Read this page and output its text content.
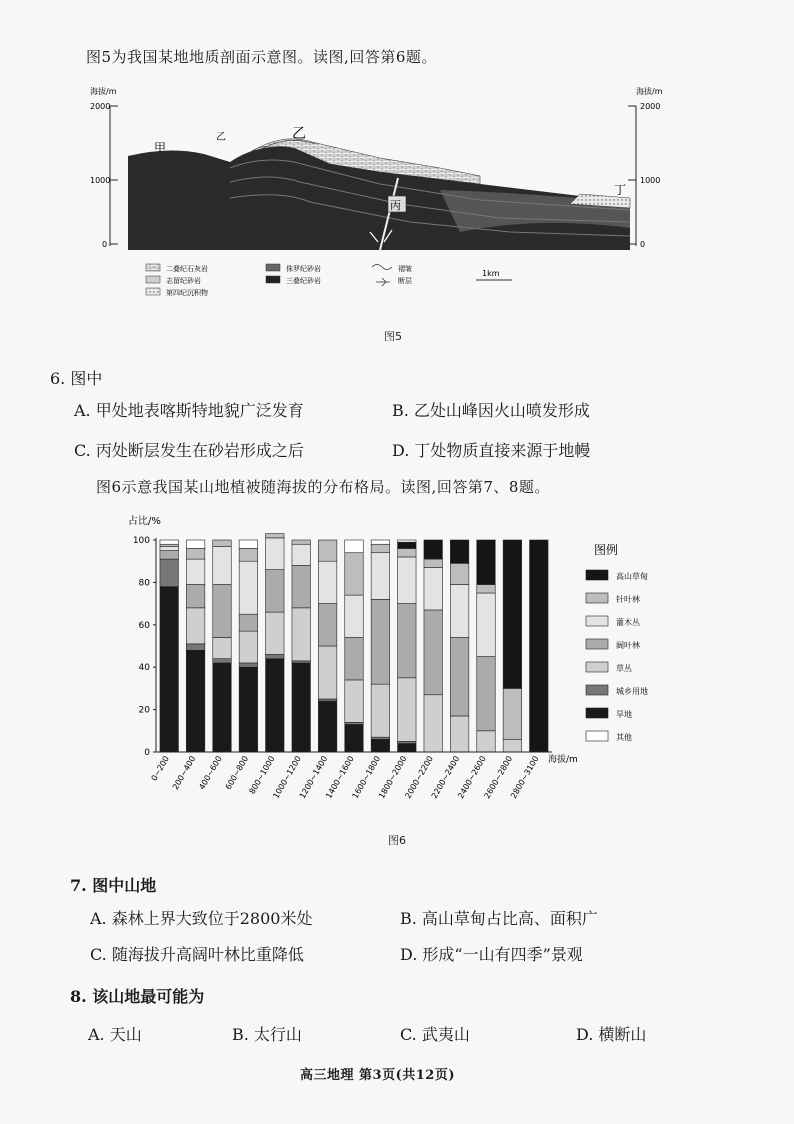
图5为我国某地地质剖面示意图。读图,回答第6题。
海拔/m
2000
1000
0
海拔/m
2000
1000
0
甲
乙	乙
丙
丁
二叠纪石灰岩
志留纪砂岩
第四纪沉积物
侏罗纪砂岩
三叠纪砂岩
褶皱
断层
1km
图5
6. 图中
A. 甲处地表喀斯特地貌广泛发育	B. 乙处山峰因火山喷发形成
C. 丙处断层发生在砂岩形成之后	D. 丁处物质直接来源于地幔
图6示意我国某山地植被随海拔的分布格局。读图,回答第7、8题。
占比/%
0~200 200~400 400~600 600~800
800~1000
1000~1200
1200~1400
1400~1600
1600~1800
1800~2000
2000~2200
2200~2400
2400~2600
2600~2800
2800~3100
0
20
40
60
80
100
海拔/m
图例
高山草甸
针叶林
灌木丛
阔叶林
草丛
城乡用地
旱地
其他
图6
7. 图中山地
A. 森林上界大致位于2800米处	B. 高山草甸占比高、面积广
C. 随海拔升高阔叶林比重降低	D. 形成“一山有四季”景观
8. 该山地最可能为
A. 天山	B. 太行山	C. 武夷山	D. 横断山
高三地理 第3页(共12页)
